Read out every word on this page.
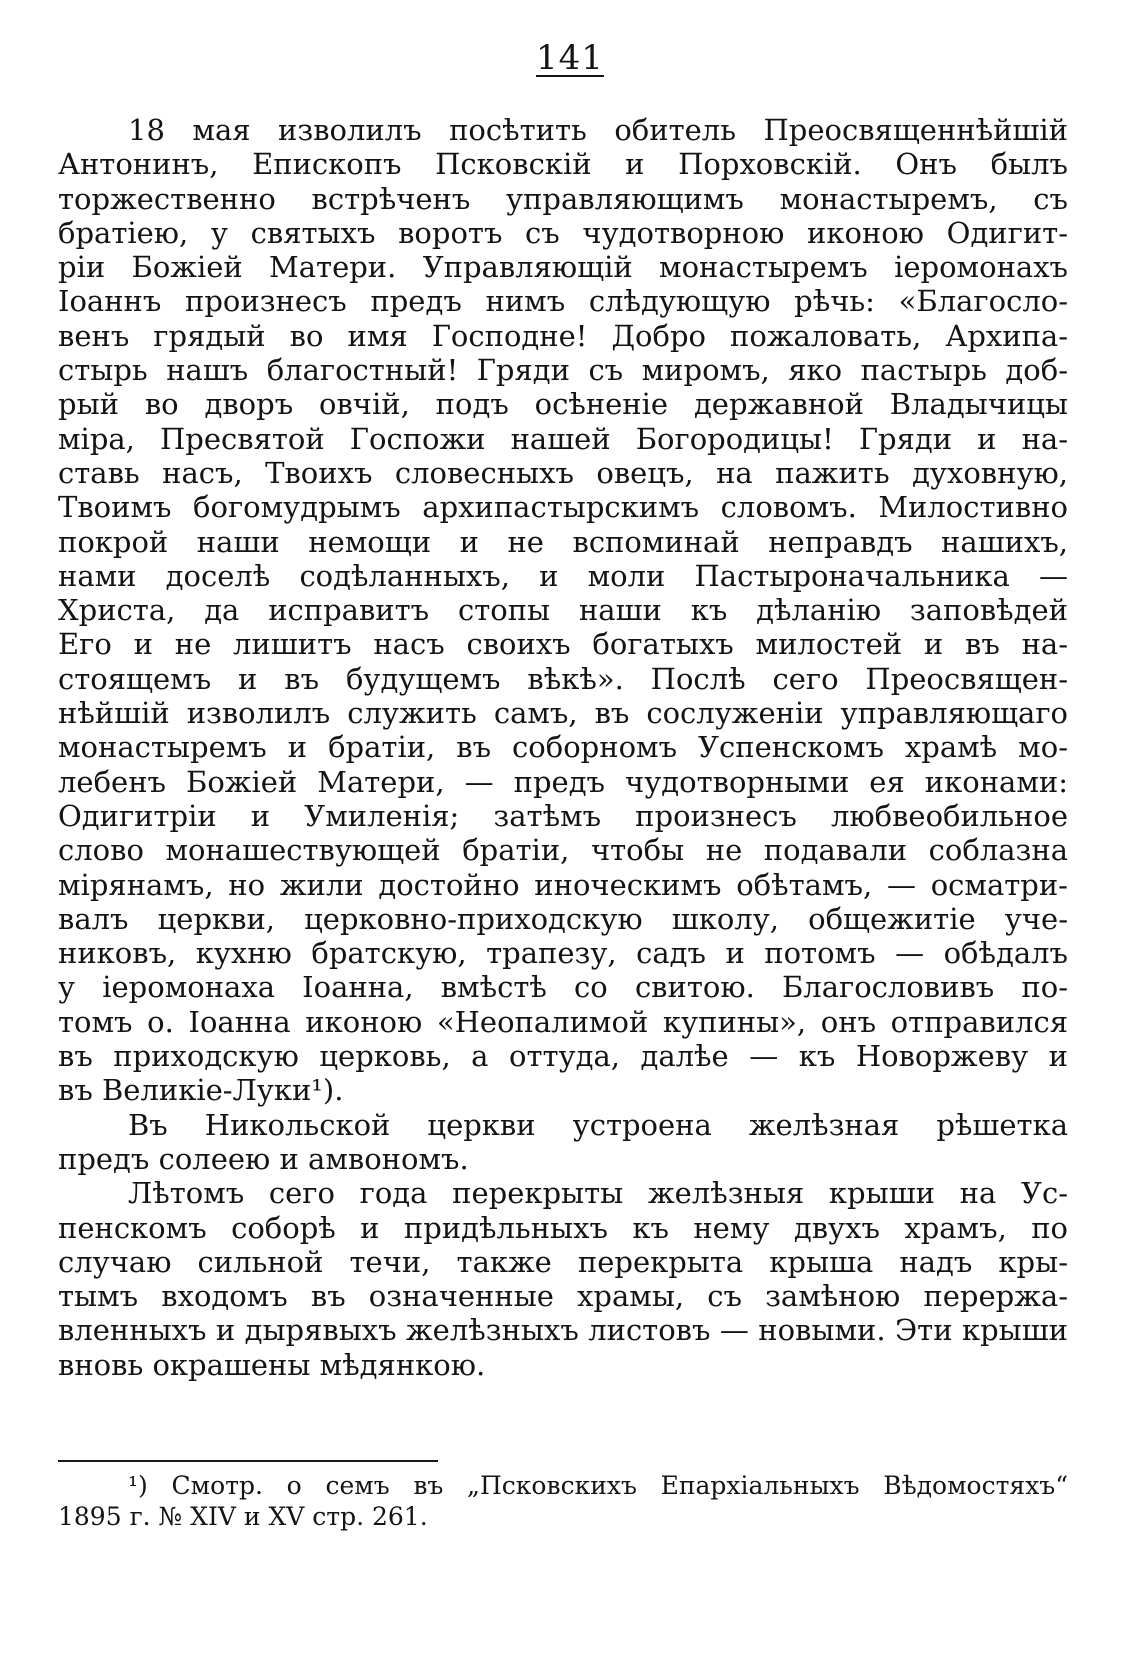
141
18 мая изволилъ посѣтить обитель Преосвященнѣйшій
Антонинъ, Епископъ Псковскій и Порховскій. Онъ былъ
торжественно встрѣченъ управляющимъ монастыремъ, съ
братіею, у святыхъ воротъ съ чудотворною иконою Одигит-
ріи Божіей Матери. Управляющій монастыремъ іеромонахъ
Іоаннъ произнесъ предъ нимъ слѣдующую рѣчь: «Благосло-
венъ грядый во имя Господне! Добро пожаловать, Архипа-
стырь нашъ благостный! Гряди съ миромъ, яко пастырь доб-
рый во дворъ овчій, подъ осѣненіе державной Владычицы
міра, Пресвятой Госпожи нашей Богородицы! Гряди и на-
ставь насъ, Твоихъ словесныхъ овецъ, на пажить духовную,
Твоимъ богомудрымъ архипастырскимъ словомъ. Милостивно
покрой наши немощи и не вспоминай неправдъ нашихъ,
нами доселѣ содѣланныхъ, и моли Пастыроначальника —
Христа, да исправитъ стопы наши къ дѣланію заповѣдей
Его и не лишитъ насъ своихъ богатыхъ милостей и въ на-
стоящемъ и въ будущемъ вѣкѣ». Послѣ сего Преосвящен-
нѣйшій изволилъ служить самъ, въ сослуженіи управляющаго
монастыремъ и братіи, въ соборномъ Успенскомъ храмѣ мо-
лебенъ Божіей Матери, — предъ чудотворными ея иконами:
Одигитріи и Умиленія; затѣмъ произнесъ любвеобильное
слово монашествующей братіи, чтобы не подавали соблазна
мірянамъ, но жили достойно иноческимъ обѣтамъ, — осматри-
валъ церкви, церковно-приходскую школу, общежитіе уче-
никовъ, кухню братскую, трапезу, садъ и потомъ — обѣдалъ
у іеромонаха Іоанна, вмѣстѣ со свитою. Благословивъ по-
томъ о. Іоанна иконою «Неопалимой купины», онъ отправился
въ приходскую церковь, а оттуда, далѣе — къ Новоржеву и
въ Великіе-Луки¹).
Въ Никольской церкви устроена желѣзная рѣшетка
предъ солеею и амвономъ.
Лѣтомъ сего года перекрыты желѣзныя крыши на Ус-
пенскомъ соборѣ и придѣльныхъ къ нему двухъ храмъ, по
случаю сильной течи, также перекрыта крыша надъ кры-
тымъ входомъ въ означенные храмы, съ замѣною перержа-
вленныхъ и дырявыхъ желѣзныхъ листовъ — новыми. Эти крыши
вновь окрашены мѣдянкою.
¹) Смотр. о семъ въ „Псковскихъ Епархіальныхъ Вѣдомостяхъ“
1895 г. № XIV и XV стр. 261.
